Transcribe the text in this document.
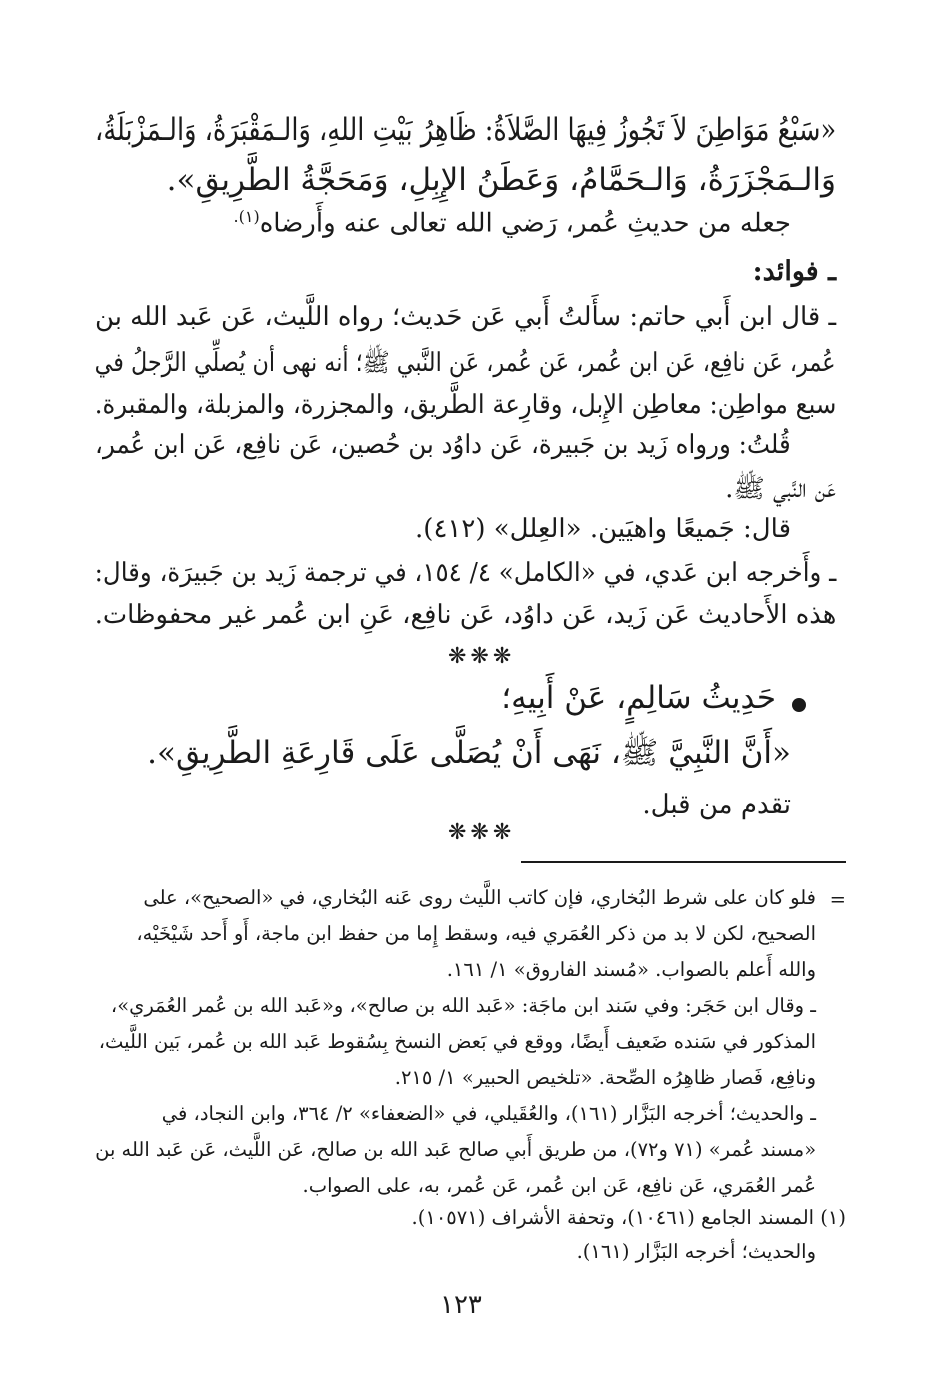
«سَبْعُ مَوَاطِنَ لاَ تَجُوزُ فِيهَا الصَّلاَةُ: ظَاهِرُ بَيْتِ اللهِ، وَالـمَقْبَرَةُ، وَالـمَزْبَلَةُ،
وَالـمَجْزَرَةُ، وَالـحَمَّامُ، وَعَطَنُ الإِبِلِ، وَمَحَجَّةُ الطَّرِيقِ».
جعله من حديثِ عُمر، رَضي الله تعالى عنه وأَرضاه$^{(١).}$
ـ فوائد:
ـ قال ابن أَبي حاتم: سأَلتُ أَبي عَن حَديث؛ رواه اللَّيث، عَن عَبد الله بن
عُمر، عَن نافِع، عَن ابن عُمر، عَن عُمر، عَن النَّبي ﷺ؛ أنه نهى أن يُصلِّي الرَّجلُ في
سبع مواطِن: معاطِن الإِبل، وقارِعة الطَّريق، والمجزرة، والمزبلة، والمقبرة.
قُلتُ: ورواه زَيد بن جَبيرة، عَن داوُد بن حُصين، عَن نافِع، عَن ابن عُمر،
عَن النَّبي ﷺ.
قال: جَميعًا واهيَين. «العِلل» (٤١٢).
ـ وأَخرجه ابن عَدي، في «الكامل» ٤/ ١٥٤، في ترجمة زَيد بن جَبيرَة، وقال:
هذه الأَحاديث عَن زَيد، عَن داوُد، عَن نافِع، عَنِ ابن عُمر غير محفوظات.
❋❋❋
حَدِيثُ سَالِمٍ، عَنْ أَبِيهِ؛
«أَنَّ النَّبِيَّ ﷺ، نَهَى أَنْ يُصَلَّى عَلَى قَارِعَةِ الطَّرِيقِ».
تقدم من قبل.
❋❋❋
=
فلو كان على شرط البُخاري، فإن كاتب اللَّيث روى عَنه البُخاري، في «الصحيح»، على
الصحيح، لكن لا بد من ذكر العُمَري فيه، وسقط إِما من حفظ ابن ماجة، أَو أَحد شَيْخَيْه،
والله أَعلم بالصواب. «مُسند الفاروق» ١/ ١٦١.
ـ وقال ابن حَجَر: وفي سَند ابن ماجَة: «عَبد الله بن صالح»، و«عَبد الله بن عُمر العُمَري»،
المذكور في سَنده ضَعيف أَيضًا، ووقع في بَعض النسخ بِسُقوط عَبد الله بن عُمر، بَين اللَّيث،
ونافِع، فَصار ظاهِرُه الصِّحة. «تلخيص الحبير» ١/ ٢١٥.
ـ والحديث؛ أخرجه البَزَّار (١٦١)، والعُقَيلي، في «الضعفاء» ٢/ ٣٦٤، وابن النجاد، في
«مسند عُمر» (٧١ و٧٢)، من طريق أَبي صالح عَبد الله بن صالح، عَن اللَّيث، عَن عَبد الله بن
عُمر العُمَري، عَن نافِع، عَن ابن عُمر، عَن عُمر، به، على الصواب.
(١) المسند الجامع (١٠٤٦١)، وتحفة الأشراف (١٠٥٧١).
والحديث؛ أخرجه البَزَّار (١٦١).
١٢٣
